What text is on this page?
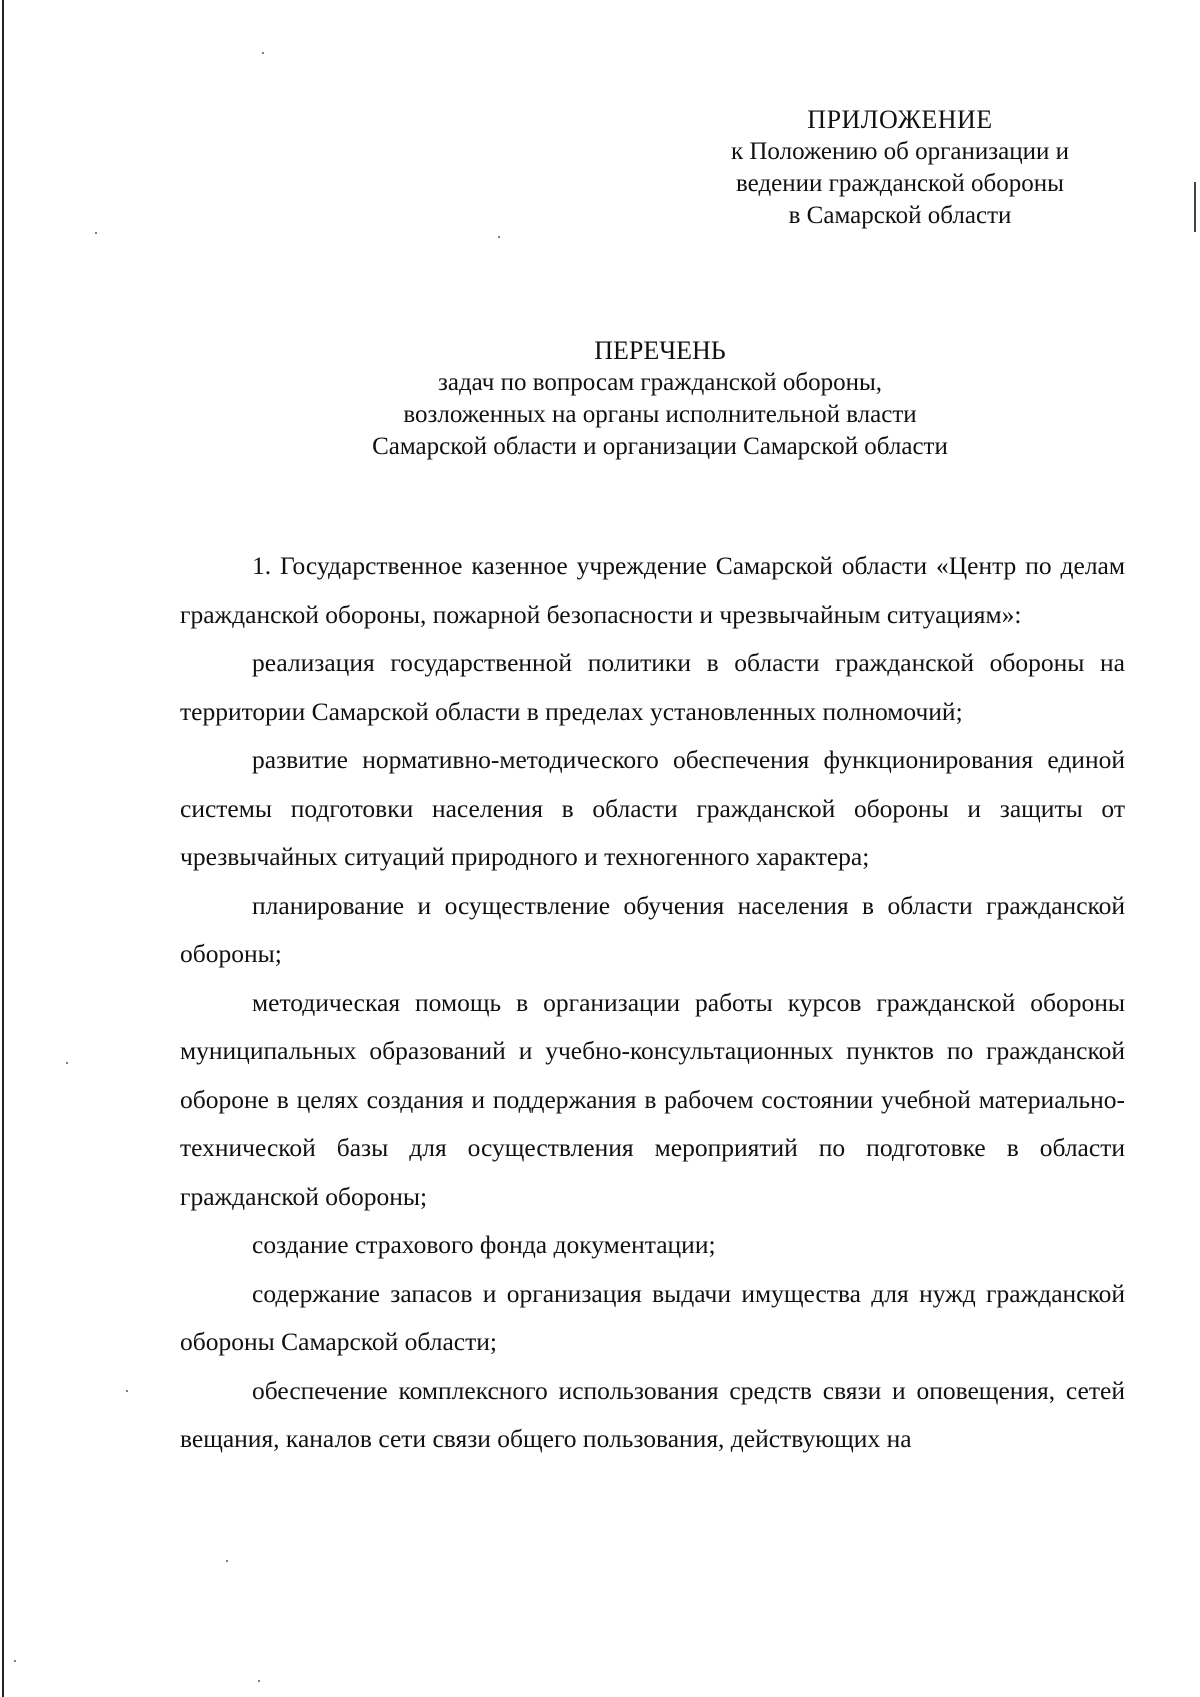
ПРИЛОЖЕНИЕ
к Положению об организации и
ведении гражданской обороны
в Самарской области
ПЕРЕЧЕНЬ
задач по вопросам гражданской обороны,
возложенных на органы исполнительной власти
Самарской области и организации Самарской области

1. Государственное казенное учреждение Самарской области «Центр по делам гражданской обороны, пожарной безопасности и чрезвычайным ситуациям»:

реализация государственной политики в области гражданской обороны на территории Самарской области в пределах установленных полномочий;

развитие нормативно-методического обеспечения функционирования единой системы подготовки населения в области гражданской обороны и защиты от чрезвычайных ситуаций природного и техногенного характера;

планирование и осуществление обучения населения в области гражданской обороны;

методическая помощь в организации работы курсов гражданской обороны муниципальных образований и учебно-консультационных пунктов по гражданской обороне в целях создания и поддержания в рабочем состоянии учебной материально-технической базы для осуществления мероприятий по подготовке в области гражданской обороны;

создание страхового фонда документации;

содержание запасов и организация выдачи имущества для нужд гражданской обороны Самарской области;

обеспечение комплексного использования средств связи и оповещения, сетей вещания, каналов сети связи общего пользования, действующих на
